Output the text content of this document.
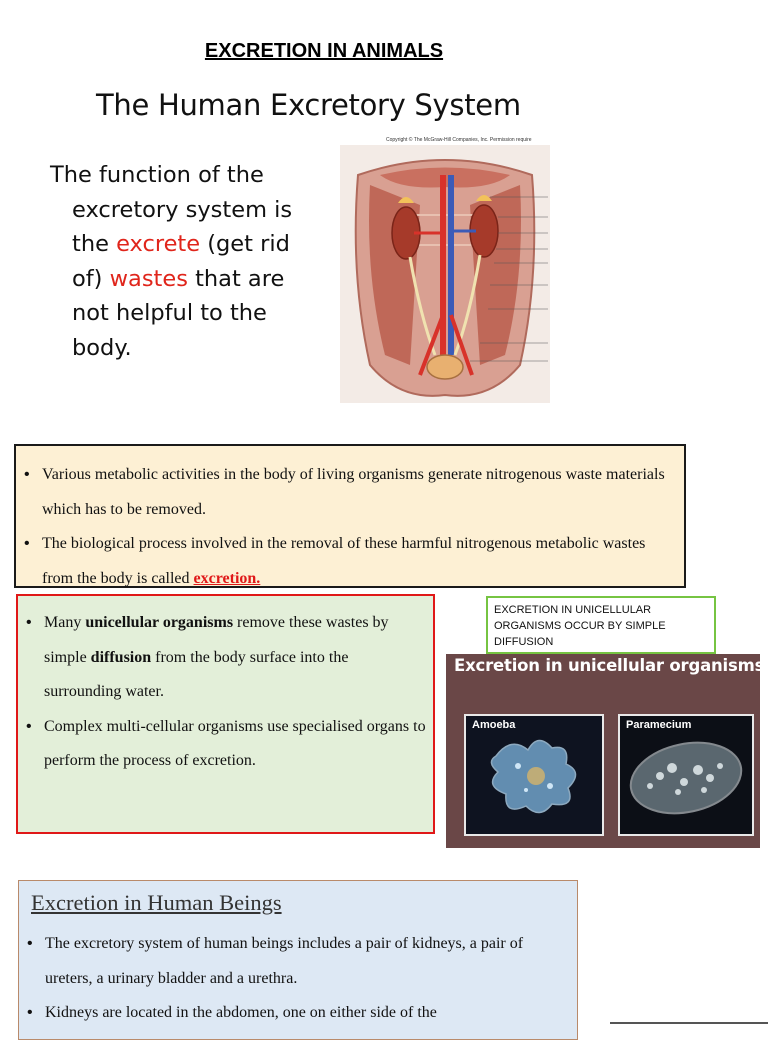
EXCRETION IN ANIMALS
The Human Excretory System
The function of the
excretory system is
the excrete (get rid
of) wastes that are
not helpful to the
body.
Copyright © The McGraw-Hill Companies, Inc. Permission require
• Various metabolic activities in the body of living organisms generate nitrogenous waste materials which has to be removed.
• The biological process involved in the removal of these harmful nitrogenous metabolic wastes from the body is called excretion.
• Many unicellular organisms remove these wastes by simple diffusion from the body surface into the surrounding water.
• Complex multi-cellular organisms use specialised organs to perform the process of excretion.
EXCRETION IN UNICELLULAR ORGANISMS OCCUR BY SIMPLE DIFFUSION
Excretion in unicellular organisms
Amoeba	Paramecium
Excretion in Human Beings
• The excretory system of human beings includes a pair of kidneys, a pair of ureters, a urinary bladder and a urethra.
• Kidneys are located in the abdomen, one on either side of the
